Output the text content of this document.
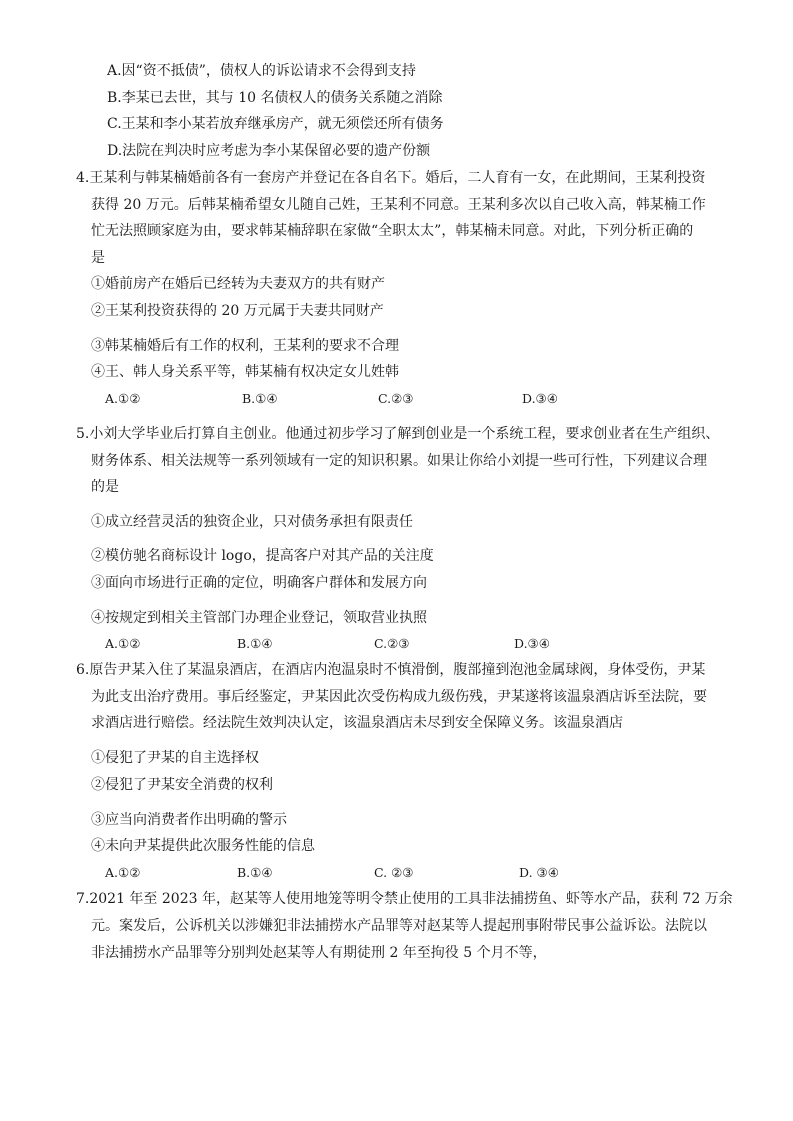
A.因“资不抵债”，债权人的诉讼请求不会得到支持
B.李某已去世，其与 10 名债权人的债务关系随之消除
C.王某和李小某若放弃继承房产，就无须偿还所有债务
D.法院在判决时应考虑为李小某保留必要的遗产份额
4.王某利与韩某楠婚前各有一套房产并登记在各自名下。婚后，二人育有一女，在此期间，王某利投资
获得 20 万元。后韩某楠希望女儿随自己姓，王某利不同意。王某利多次以自己收入高，韩某楠工作
忙无法照顾家庭为由，要求韩某楠辞职在家做“全职太太”，韩某楠未同意。对此，下列分析正确的
是
①婚前房产在婚后已经转为夫妻双方的共有财产
②王某利投资获得的 20 万元属于夫妻共同财产
③韩某楠婚后有工作的权利，王某利的要求不合理
④王、韩人身关系平等，韩某楠有权决定女儿姓韩
A.①②	B.①④	C.②③	D.③④
5.小刘大学毕业后打算自主创业。他通过初步学习了解到创业是一个系统工程，要求创业者在生产组织、
财务体系、相关法规等一系列领域有一定的知识积累。如果让你给小刘提一些可行性，下列建议合理
的是
①成立经营灵活的独资企业，只对债务承担有限责任
②模仿驰名商标设计 logo，提高客户对其产品的关注度
③面向市场进行正确的定位，明确客户群体和发展方向
④按规定到相关主管部门办理企业登记，领取营业执照
A.①②	B.①④	C.②③	D.③④
6.原告尹某入住了某温泉酒店，在酒店内泡温泉时不慎滑倒，腹部撞到泡池金属球阀，身体受伤，尹某
为此支出治疗费用。事后经鉴定，尹某因此次受伤构成九级伤残，尹某遂将该温泉酒店诉至法院，要
求酒店进行赔偿。经法院生效判决认定，该温泉酒店未尽到安全保障义务。该温泉酒店
①侵犯了尹某的自主选择权
②侵犯了尹某安全消费的权利
③应当向消费者作出明确的警示
④未向尹某提供此次服务性能的信息
A.①②	B.①④	C. ②③	D. ③④
7.2021 年至 2023 年，赵某等人使用地笼等明令禁止使用的工具非法捕捞鱼、虾等水产品，获利 72 万余
元。案发后，公诉机关以涉嫌犯非法捕捞水产品罪等对赵某等人提起刑事附带民事公益诉讼。法院以
非法捕捞水产品罪等分别判处赵某等人有期徒刑 2 年至拘役 5 个月不等，
